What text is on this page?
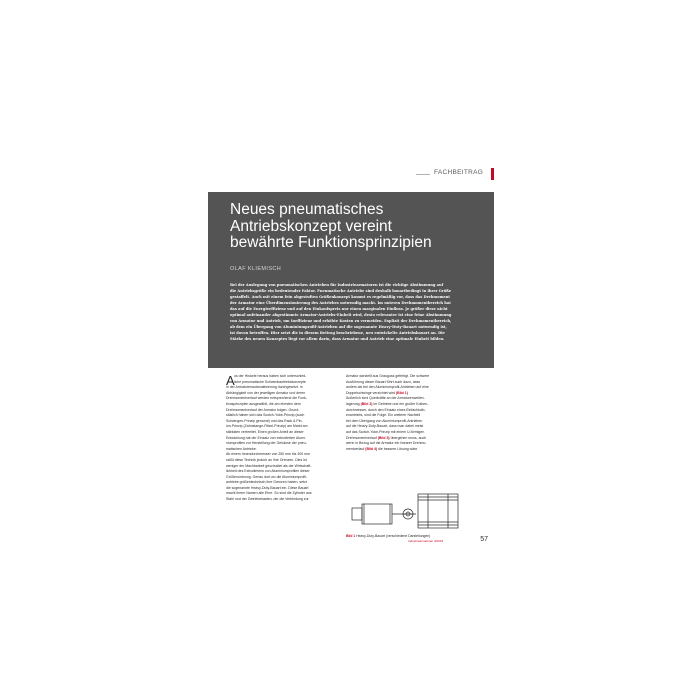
FACHBEITRAG
Neues pneumatisches
Antriebskonzept vereint
bewährte Funktionsprinzipien
OLAF KLIEMISCH
Bei der Auslegung von pneumatischen Antrieben für Industriearmaturen ist die richtige Abstimmung auf
die Antriebsgröße ein bedeutender Faktor. Pneumatische Antriebe sind deshalb bauartbedingt in ihrer Größe
gestaffelt. Auch mit einem fein abgestuften Größenkonzept kommt es regelmäßig vor, dass das Drehmoment
der Armatur eine Überdimensionierung des Antriebes notwendig macht. Im unteren Drehmomentbereich hat
das auf die Energieeffizienz und auf den Einkaufspreis nur einen marginalen Einfluss. Je größer diese nicht
optimal aufeinander abgestimmte Armatur-Antriebs-Einheit wird, desto relevanter ist eine feine Abstimmung
von Armatur und Antrieb, um Ineffizienz und erhöhte Kosten zu vermeiden. Explizit der Drehmomentbereich,
ab dem ein Übergang von Aluminiumprofil-Antrieben auf die sogenannte Heavy-Duty-Bauart notwendig ist,
ist davon betroffen. Hier setzt die in diesem Beitrag beschriebene, neu entwickelte Antriebsbauart an. Die
Stärke des neuen Konzeptes liegt vor allem darin, dass Armatur und Antrieb eine optimale Einheit bilden.
A us der Historie heraus haben sich unterschied-
liche pneumatische Schwenkantriebskonzepte
in der Armaturenautomatisierung durchgesetzt. In
Abhängigkeit von der jeweiligen Armatur und deren
Drehmomentverlauf werden entsprechend die Funk-
tionsprinzipien ausgewählt, die am ehesten dem
Drehmomentverlauf der Armatur folgen. Grund-
sätzlich haben sich das Scotch-Yoke-Prinzip (auch
Schwingen-Prinzip genannt) und das Rack & Pin-
ion-Prinzip (Zahnstange-Ritzel-Prinzip) am Markt am
stärksten verbreitet. Einen großen Anteil an dieser
Entwicklung hat der Einsatz von extrudierten Alumi-
niumprofilen zur Herstellung der Gehäuse der pneu-
matischen Antriebe.
Ab einem Innendurchmesser von 250 mm bis 300 mm
stößt diese Technik jedoch an ihre Grenzen. Dies ist
weniger der Machbarkeit geschuldet als der Wirtschaft-
lichkeit des Extrudierens von Aluminiumprofilen dieser
Größenordnung. Genau dort wo die Aluminiumprofil-
antriebe größentechnisch ihre Grenzen haben, setzt
die sogenannte Heavy-Duty-Bauart ein. Diese Bauart
macht ihrem Namen alle Ehre. So sind die Zylinder aus
Stahl und der Getriebekasten, der die Verbindung zur
Armatur darstellt aus Grauguss gefertigt. Die schwere
Ausführung dieser Bauart führt auch dazu, dass
anders als bei den Aluminiumprofil-Antrieben auf eine
Doppelschwinge verzichtet wird (Bild 1)
Äußerlich sind Querkräfte an der Armaturenwellen-
lagerung (Bild 2) im Getriebe und ein großer Kolben-
durchmesser, durch den Einsatz eines Einfachkolb-
enantriebs, sind die Folge. Ein weiterer Nachteil
bei dem Übergang von Aluminiumprofil-Antrieben
auf die Heavy-Duty-Bauart, dass man dabei meist
auf das Scotch-Yoke-Prinzip mit einem U-förmigen
Drehmomentverlauf (Bild 3) übergehen muss, auch
wenn in Bezug auf die Armatur ein linearer Drehmo-
mentverlauf (Bild 4) die bessere Lösung wäre.
Bild 1 Heavy-Duty-Bauart (verschiedene Darstellungen)
Industriearmaturen 4/2016	57
